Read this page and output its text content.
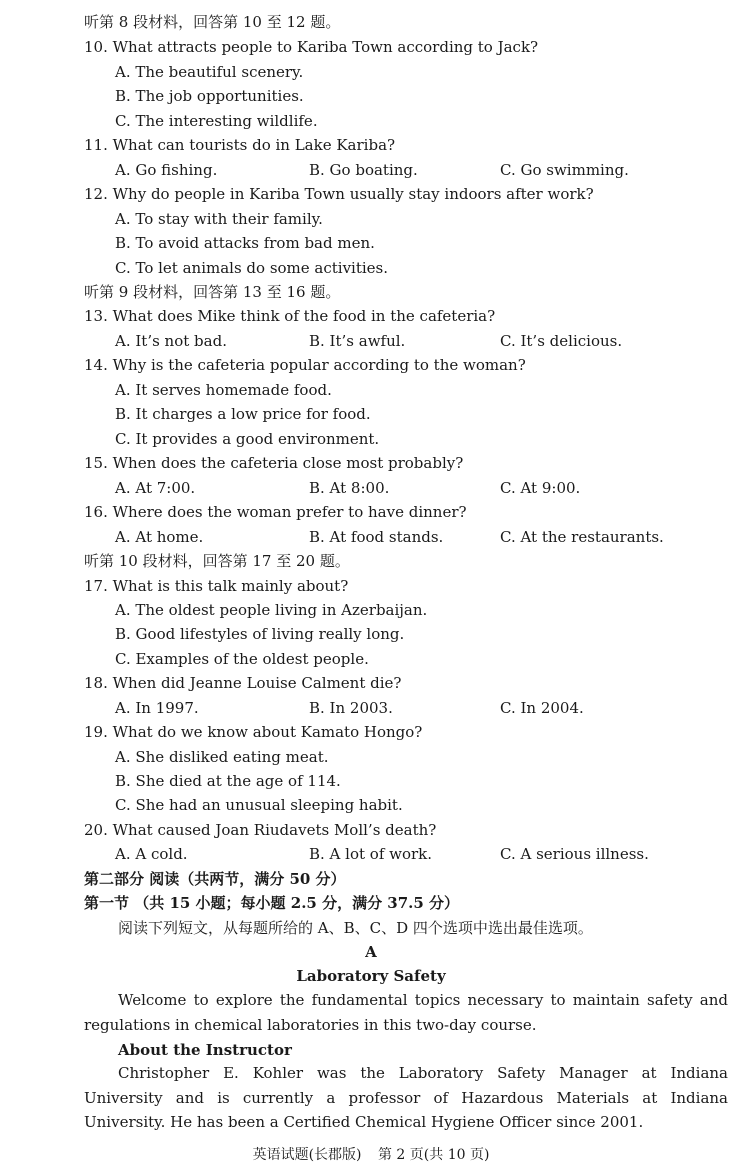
听第 8 段材料，回答第 10 至 12 题。
10. What attracts people to Kariba Town according to Jack?
A. The beautiful scenery.
B. The job opportunities.
C. The interesting wildlife.
11. What can tourists do in Lake Kariba?
A. Go fishing.	B. Go boating.	C. Go swimming.
12. Why do people in Kariba Town usually stay indoors after work?
A. To stay with their family.
B. To avoid attacks from bad men.
C. To let animals do some activities.
听第 9 段材料，回答第 13 至 16 题。
13. What does Mike think of the food in the cafeteria?
A. It’s not bad.	B. It’s awful.	C. It’s delicious.
14. Why is the cafeteria popular according to the woman?
A. It serves homemade food.
B. It charges a low price for food.
C. It provides a good environment.
15. When does the cafeteria close most probably?
A. At 7:00.	B. At 8:00.	C. At 9:00.
16. Where does the woman prefer to have dinner?
A. At home.	B. At food stands.	C. At the restaurants.
听第 10 段材料，回答第 17 至 20 题。
17. What is this talk mainly about?
A. The oldest people living in Azerbaijan.
B. Good lifestyles of living really long.
C. Examples of the oldest people.
18. When did Jeanne Louise Calment die?
A. In 1997.	B. In 2003.	C. In 2004.
19. What do we know about Kamato Hongo?
A. She disliked eating meat.
B. She died at the age of 114.
C. She had an unusual sleeping habit.
20. What caused Joan Riudavets Moll’s death?
A. A cold.	B. A lot of work.	C. A serious illness.
第二部分 阅读（共两节，满分 50 分）
第一节 （共 15 小题；每小题 2.5 分，满分 37.5 分）
阅读下列短文，从每题所给的 A、B、C、D 四个选项中选出最佳选项。
A
Laboratory Safety
Welcome to explore the fundamental topics necessary to maintain safety and regulations in chemical laboratories in this two-day course.
About the Instructor
Christopher E. Kohler was the Laboratory Safety Manager at Indiana University and is currently a professor of Hazardous Materials at Indiana University. He has been a Certified Chemical Hygiene Officer since 2001.
英语试题(长郡版) 第 2 页(共 10 页)
